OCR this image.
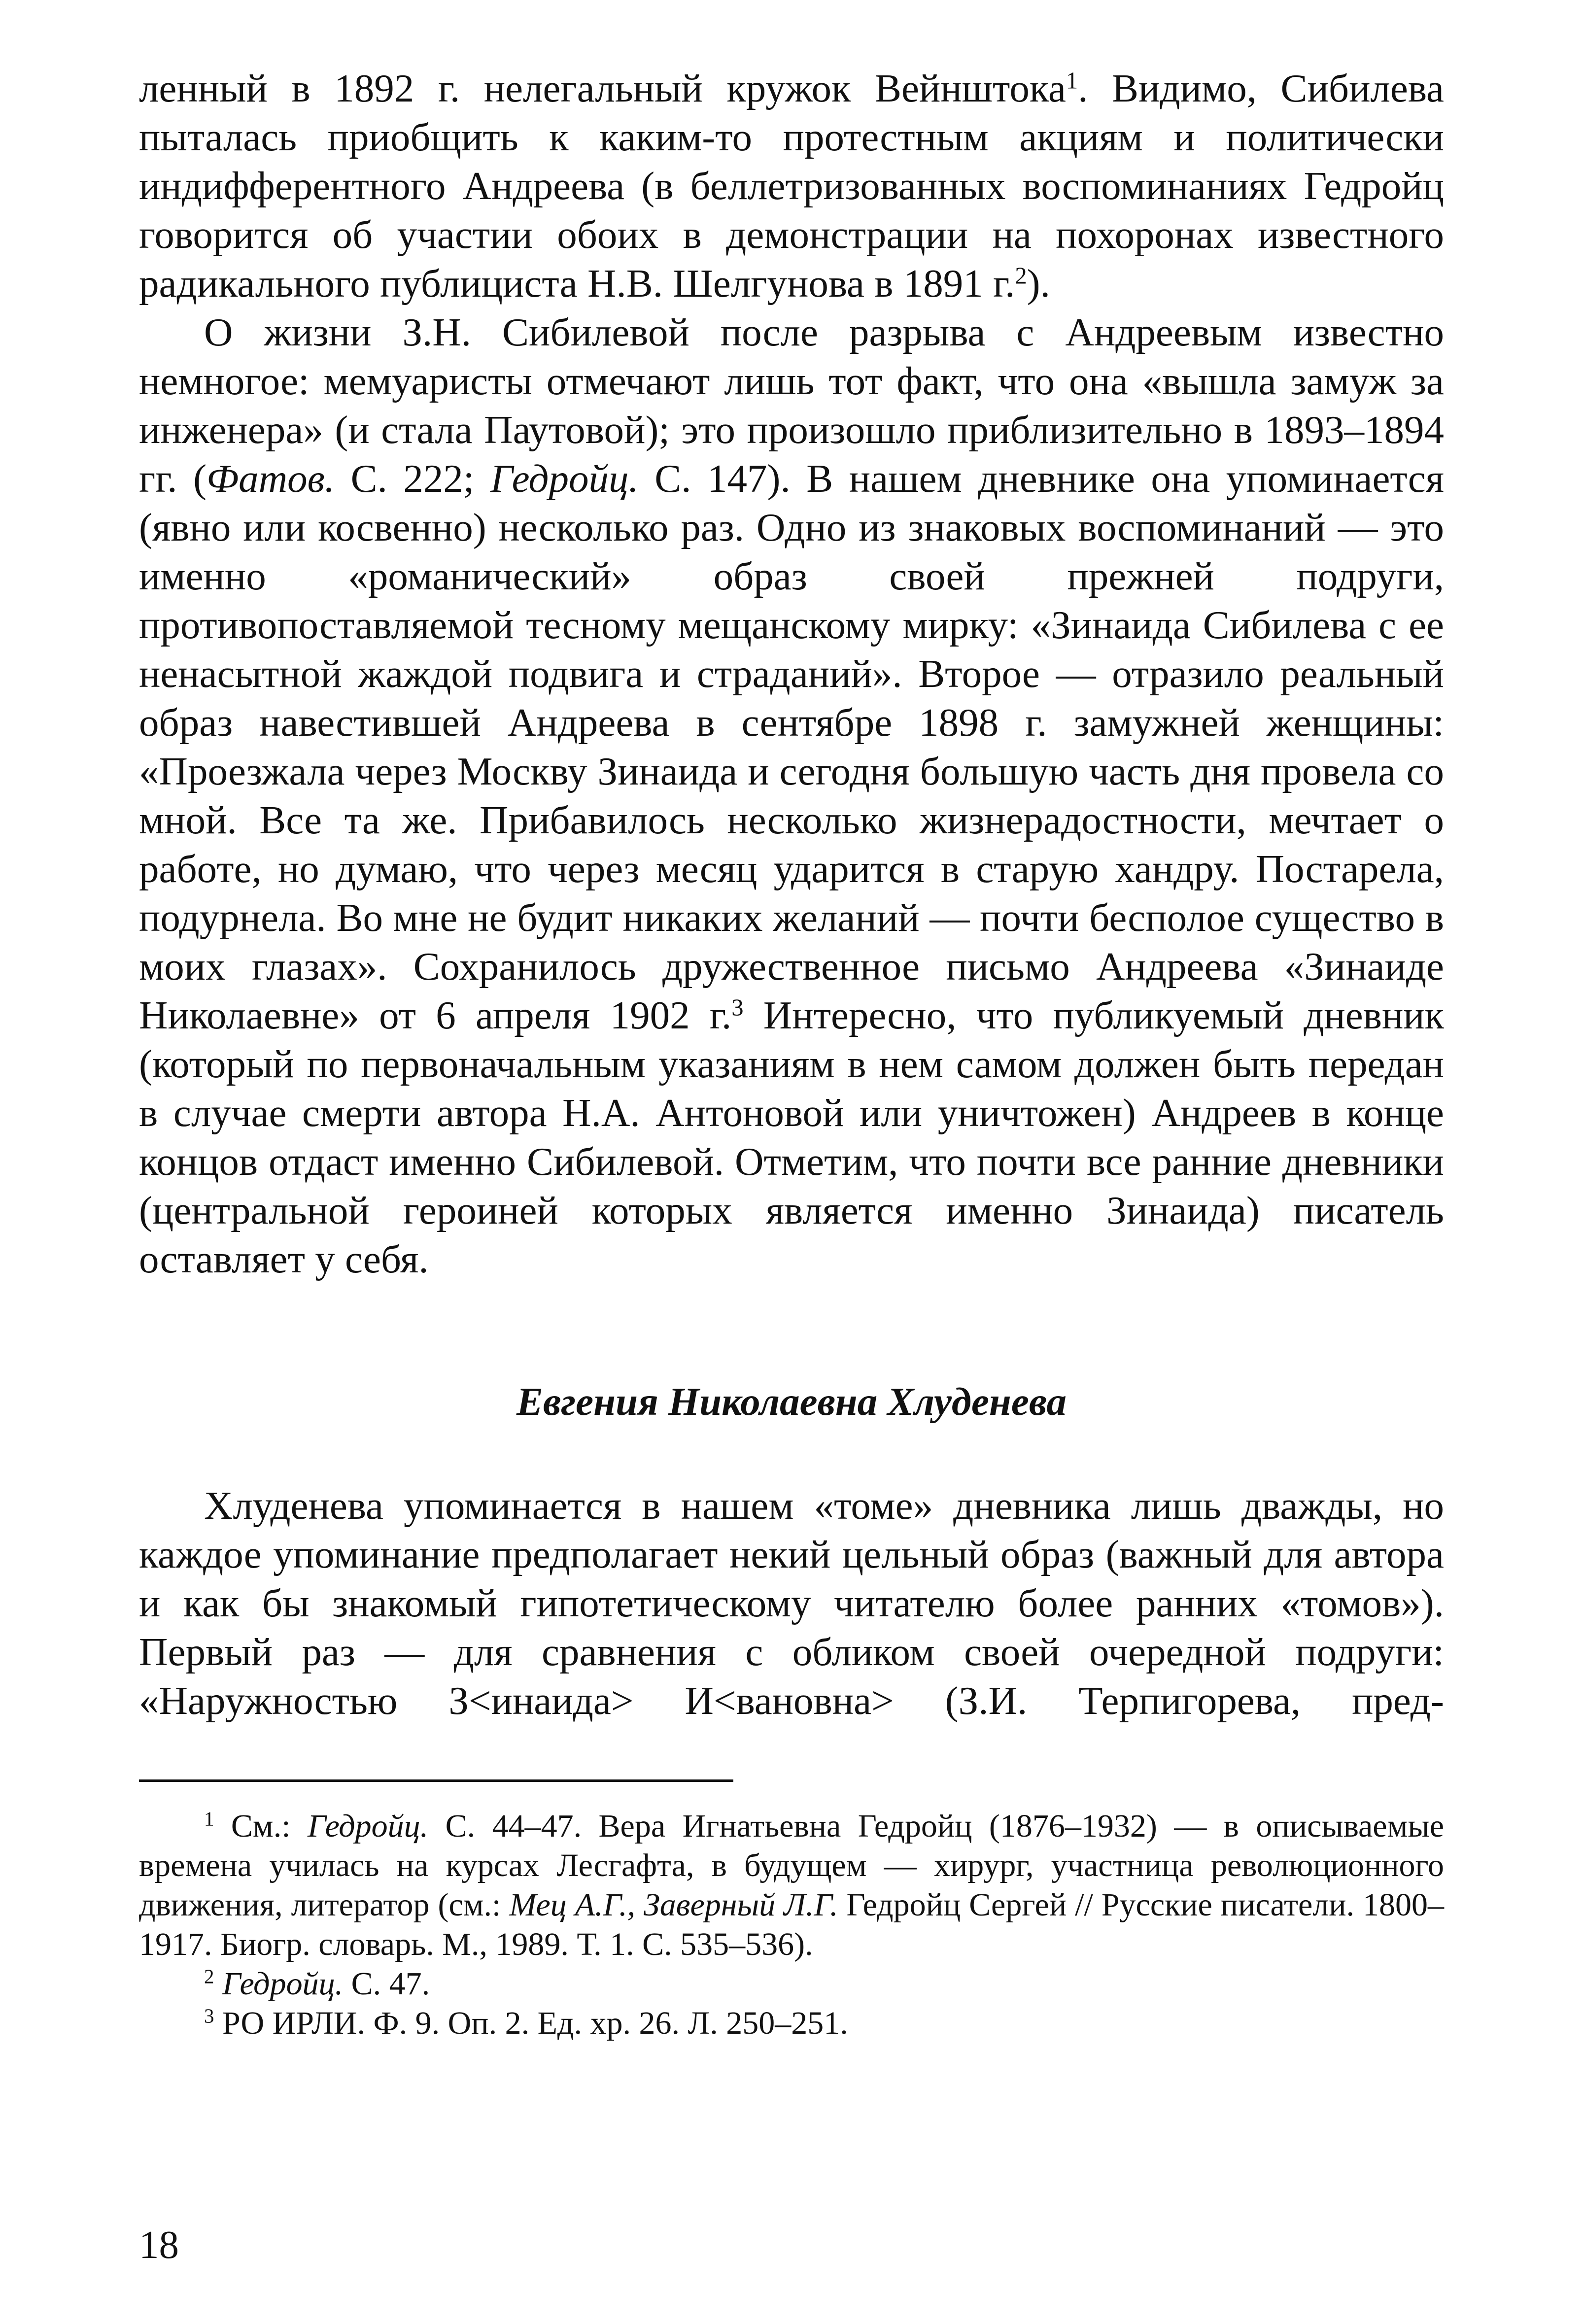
ленный в 1892 г. нелегальный кружок Вейнштока$^1$. Видимо, Сибилева пыталась приобщить к каким-то протестным акциям и политически индифферентного Андреева (в беллетризованных воспоминаниях Гедройц говорится об участии обоих в демонстрации на похоронах известного радикального публициста Н.В. Шелгунова в 1891 г.$^2$).

О жизни З.Н. Сибилевой после разрыва с Андреевым известно немногое: мемуаристы отмечают лишь тот факт, что она «вышла замуж за инженера» (и стала Паутовой); это произошло приблизительно в 1893–1894 гг. (Фатов. С. 222; Гедройц. С. 147). В нашем дневнике она упоминается (явно или косвенно) несколько раз. Одно из знаковых воспоминаний — это именно «романический» образ своей прежней подруги, противопоставляемой тесному мещанскому мирку: «Зинаида Сибилева с ее ненасытной жаждой подвига и страданий». Второе — отразило реальный образ навестившей Андреева в сентябре 1898 г. замужней женщины: «Проезжала через Москву Зинаида и сегодня большую часть дня провела со мной. Все та же. Прибавилось несколько жизнерадостности, мечтает о работе, но думаю, что через месяц ударится в старую хандру. Постарела, подурнела. Во мне не будит никаких желаний — почти бесполое существо в моих глазах». Сохранилось дружественное письмо Андреева «Зинаиде Николаевне» от 6 апреля 1902 г.$^3$ Интересно, что публикуемый дневник (который по первоначальным указаниям в нем самом должен быть передан в случае смерти автора Н.А. Антоновой или уничтожен) Андреев в конце концов отдаст именно Сибилевой. Отметим, что почти все ранние дневники (центральной героиней которых является именно Зинаида) писатель оставляет у себя.

Евгения Николаевна Хлуденева

Хлуденева упоминается в нашем «томе» дневника лишь дважды, но каждое упоминание предполагает некий цельный образ (важный для автора и как бы знакомый гипотетическому читателю более ранних «томов»). Первый раз — для сравнения с обликом своей очередной подруги: «Наружностью З<инаида> И<вановна> (З.И. Терпигорева, пред-

$^1$ См.: Гедройц. С. 44–47. Вера Игнатьевна Гедройц (1876–1932) — в описываемые времена училась на курсах Лесгафта, в будущем — хирург, участница революционного движения, литератор (см.: Мец А.Г., Заверный Л.Г. Гедройц Сергей // Русские писатели. 1800–1917. Биогр. словарь. М., 1989. Т. 1. С. 535–536).

$^2$ Гедройц. С. 47.

$^3$ РО ИРЛИ. Ф. 9. Оп. 2. Ед. хр. 26. Л. 250–251.

18
